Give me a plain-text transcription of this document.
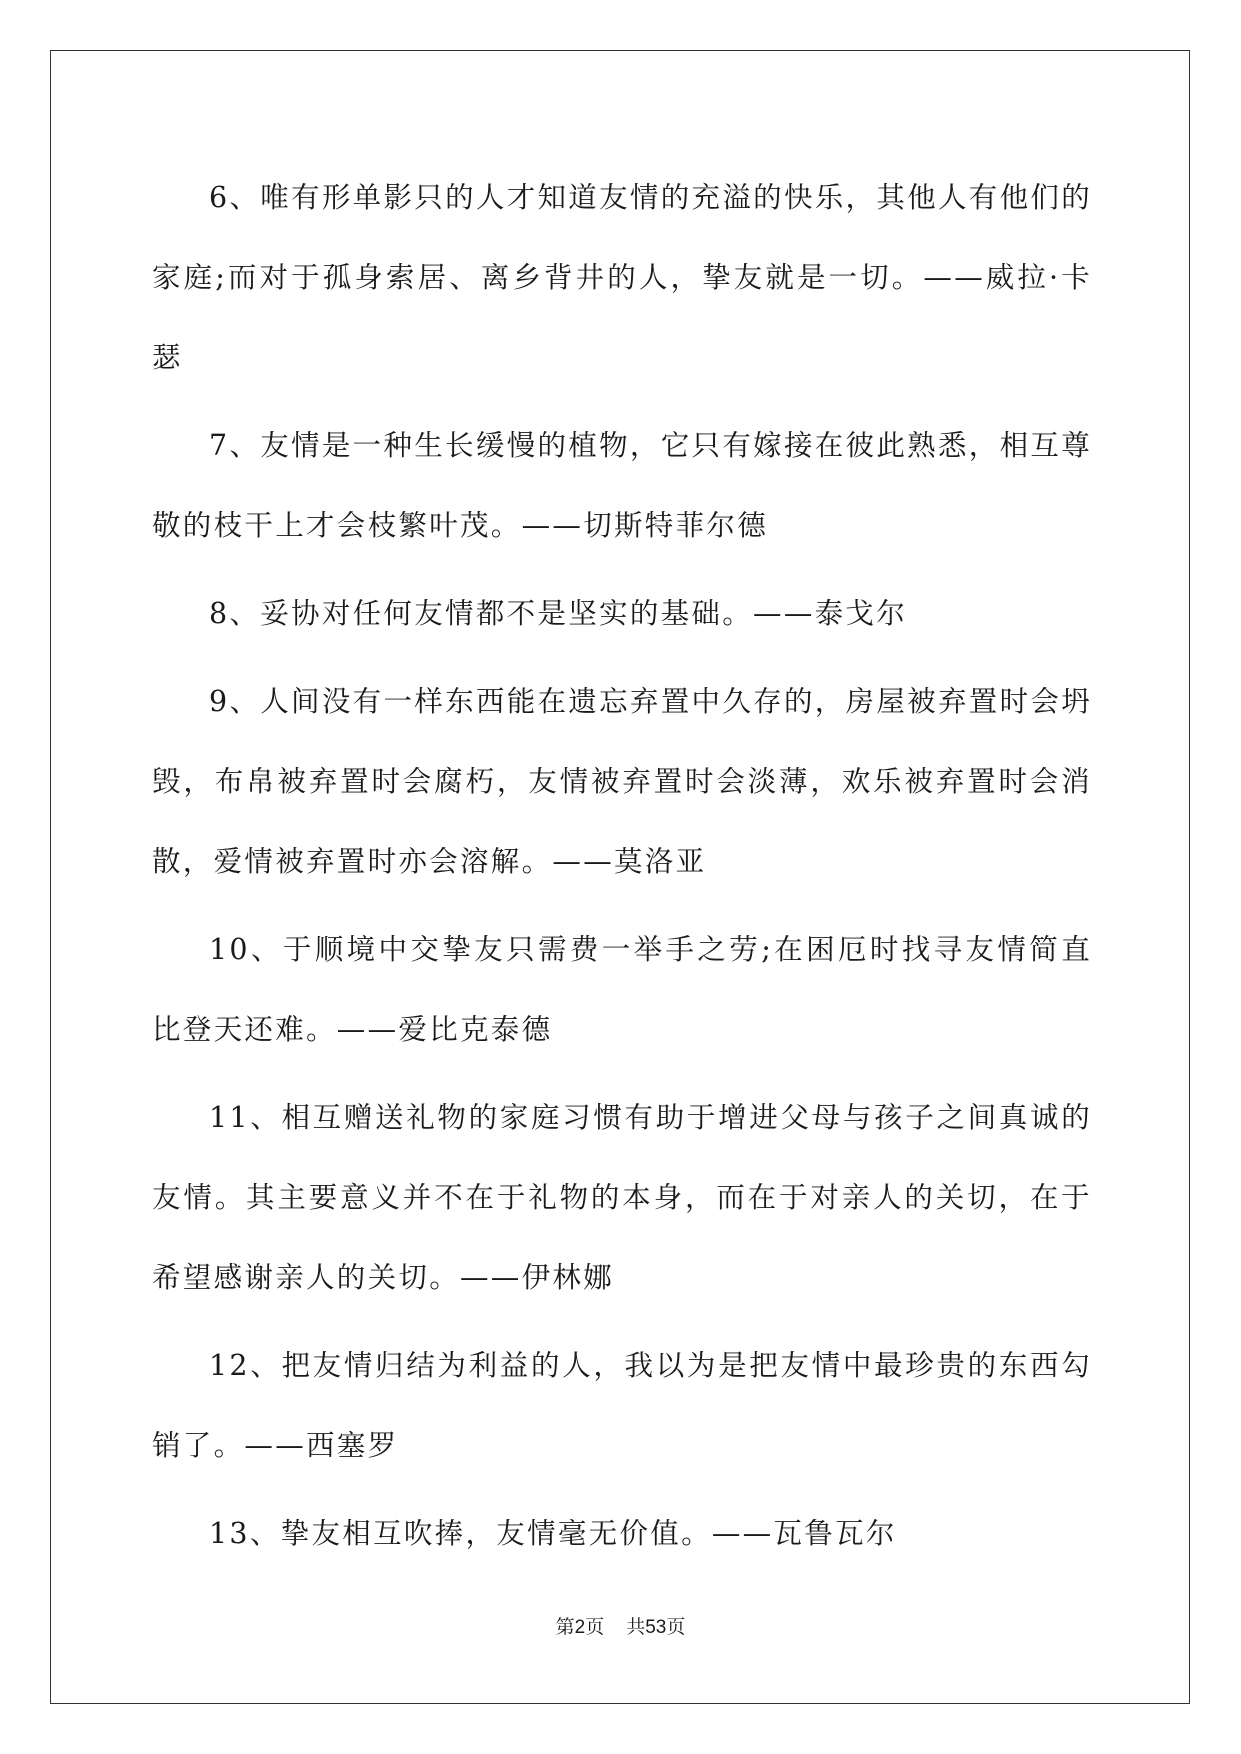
6、唯有形单影只的人才知道友情的充溢的快乐，其他人有他们的家庭;而对于孤身索居、离乡背井的人，挚友就是一切。——威拉·卡瑟

7、友情是一种生长缓慢的植物，它只有嫁接在彼此熟悉，相互尊敬的枝干上才会枝繁叶茂。——切斯特菲尔德

8、妥协对任何友情都不是坚实的基础。——泰戈尔

9、人间没有一样东西能在遗忘弃置中久存的，房屋被弃置时会坍毁，布帛被弃置时会腐朽，友情被弃置时会淡薄，欢乐被弃置时会消散，爱情被弃置时亦会溶解。——莫洛亚

10、于顺境中交挚友只需费一举手之劳;在困厄时找寻友情简直比登天还难。——爱比克泰德

11、相互赠送礼物的家庭习惯有助于增进父母与孩子之间真诚的友情。其主要意义并不在于礼物的本身，而在于对亲人的关切，在于希望感谢亲人的关切。——伊林娜

12、把友情归结为利益的人，我以为是把友情中最珍贵的东西勾销了。——西塞罗

13、挚友相互吹捧，友情毫无价值。——瓦鲁瓦尔

第2页 共53页
